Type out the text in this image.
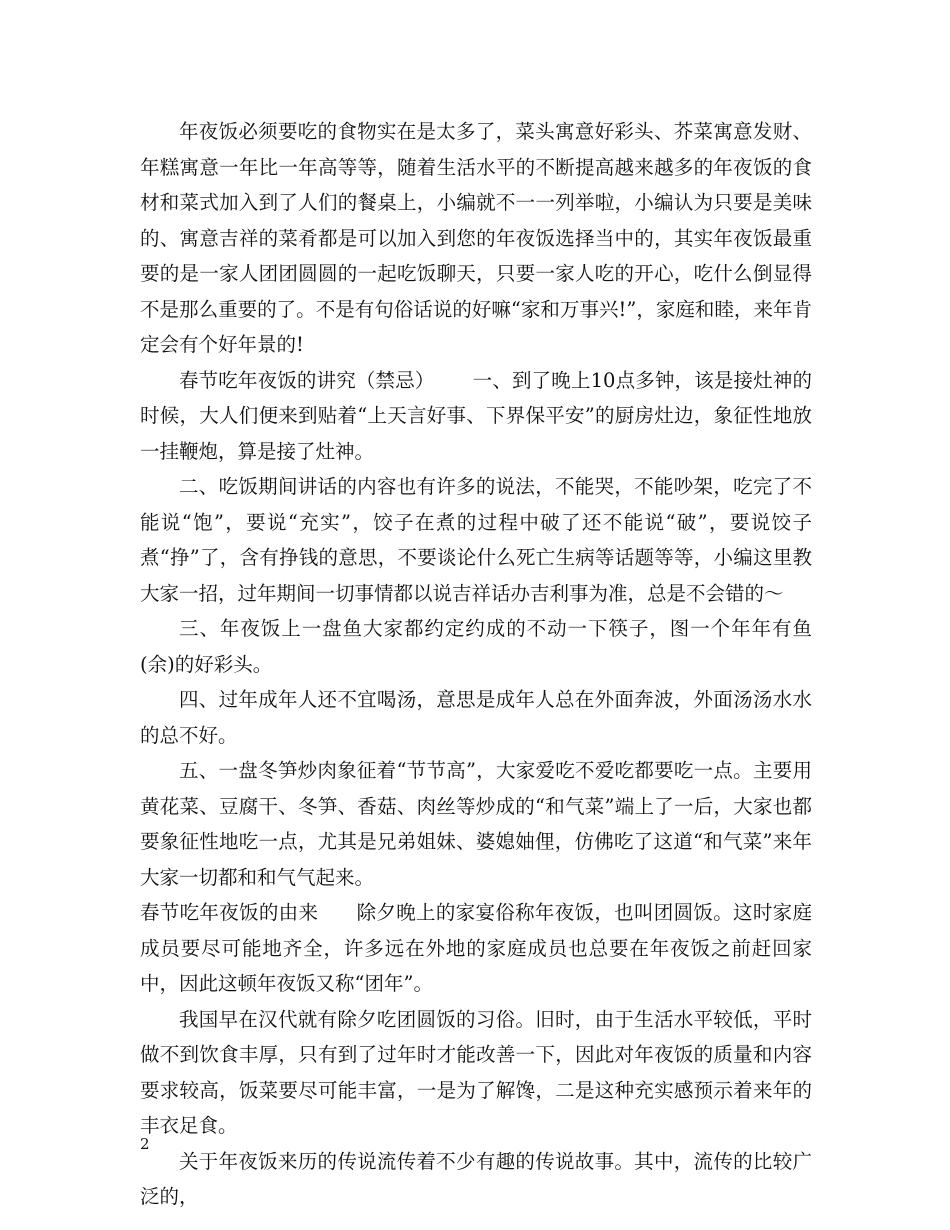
年夜饭必须要吃的食物实在是太多了，菜头寓意好彩头、芥菜寓意发财、年糕寓意一年比一年高等等，随着生活水平的不断提高越来越多的年夜饭的食材和菜式加入到了人们的餐桌上，小编就不一一列举啦，小编认为只要是美味的、寓意吉祥的菜肴都是可以加入到您的年夜饭选择当中的，其实年夜饭最重要的是一家人团团圆圆的一起吃饭聊天，只要一家人吃的开心，吃什么倒显得不是那么重要的了。不是有句俗话说的好嘛“家和万事兴!”，家庭和睦，来年肯定会有个好年景的!

春节吃年夜饭的讲究（禁忌） 一、到了晚上10点多钟，该是接灶神的时候，大人们便来到贴着“上天言好事、下界保平安”的厨房灶边，象征性地放一挂鞭炮，算是接了灶神。

二、吃饭期间讲话的内容也有许多的说法，不能哭，不能吵架，吃完了不能说“饱”，要说“充实”，饺子在煮的过程中破了还不能说“破”，要说饺子煮“挣”了，含有挣钱的意思，不要谈论什么死亡生病等话题等等，小编这里教大家一招，过年期间一切事情都以说吉祥话办吉利事为准，总是不会错的～

三、年夜饭上一盘鱼大家都约定约成的不动一下筷子，图一个年年有鱼(余)的好彩头。

四、过年成年人还不宜喝汤，意思是成年人总在外面奔波，外面汤汤水水的总不好。

五、一盘冬笋炒肉象征着“节节高”，大家爱吃不爱吃都要吃一点。主要用黄花菜、豆腐干、冬笋、香菇、肉丝等炒成的“和气菜”端上了一后，大家也都要象征性地吃一点，尤其是兄弟姐妹、婆媳妯俚，仿佛吃了这道“和气菜”来年大家一切都和和气气起来。

春节吃年夜饭的由来 除夕晚上的家宴俗称年夜饭，也叫团圆饭。这时家庭成员要尽可能地齐全，许多远在外地的家庭成员也总要在年夜饭之前赶回家中，因此这顿年夜饭又称“团年”。

我国早在汉代就有除夕吃团圆饭的习俗。旧时，由于生活水平较低，平时做不到饮食丰厚，只有到了过年时才能改善一下，因此对年夜饭的质量和内容要求较高，饭菜要尽可能丰富，一是为了解馋，二是这种充实感预示着来年的丰衣足食。

关于年夜饭来历的传说流传着不少有趣的传说故事。其中，流传的比较广泛的，

2
